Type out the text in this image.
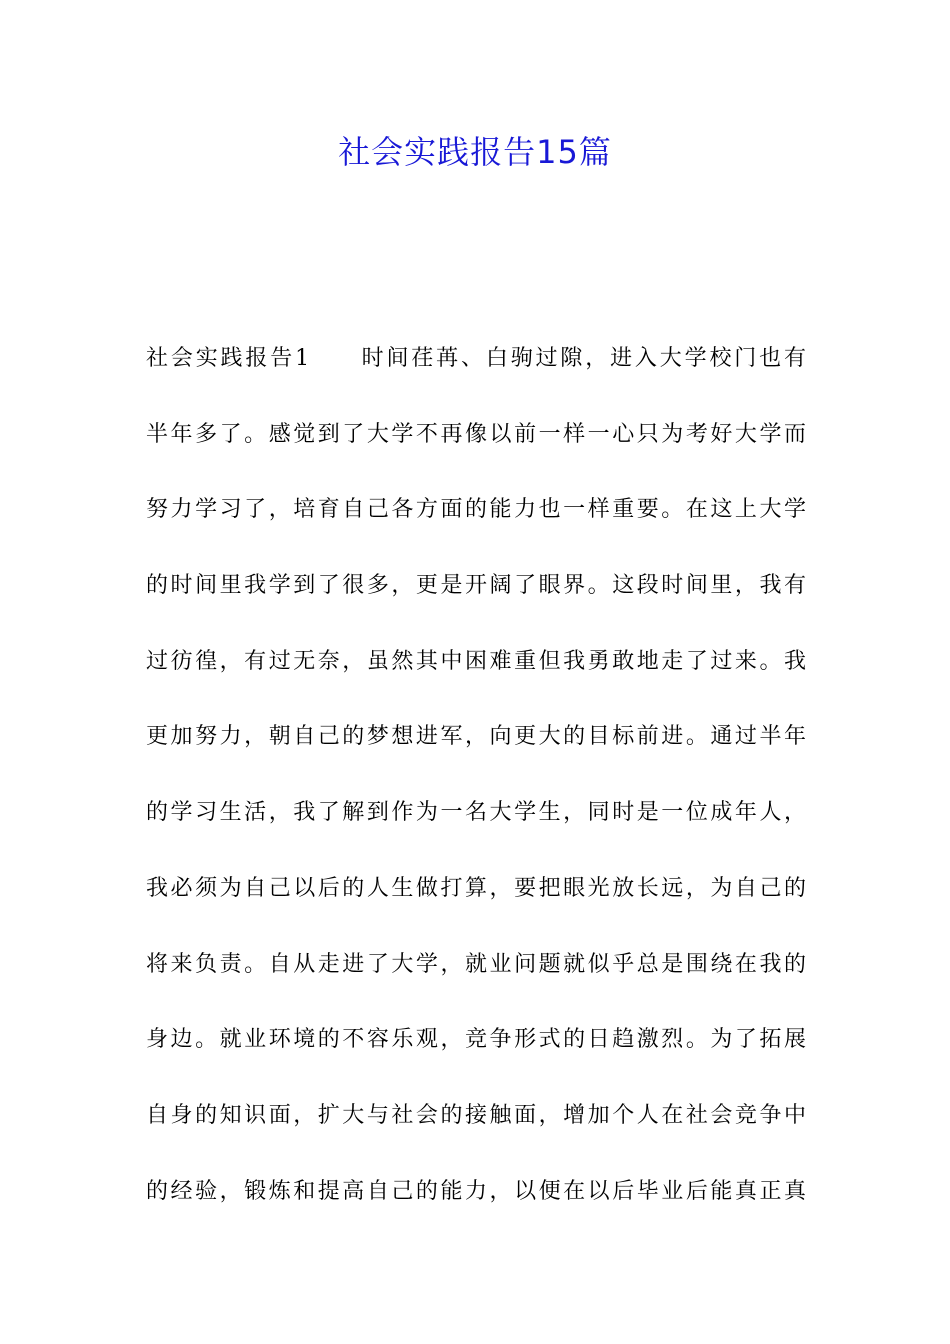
社会实践报告15篇
社会实践报告1　　时间荏苒、白驹过隙，进入大学校门也有
半年多了。感觉到了大学不再像以前一样一心只为考好大学而
努力学习了，培育自己各方面的能力也一样重要。在这上大学
的时间里我学到了很多，更是开阔了眼界。这段时间里，我有
过彷徨，有过无奈，虽然其中困难重但我勇敢地走了过来。我
更加努力，朝自己的梦想进军，向更大的目标前进。通过半年
的学习生活，我了解到作为一名大学生，同时是一位成年人，
我必须为自己以后的人生做打算，要把眼光放长远，为自己的
将来负责。自从走进了大学，就业问题就似乎总是围绕在我的
身边。就业环境的不容乐观，竞争形式的日趋激烈。为了拓展
自身的知识面，扩大与社会的接触面，增加个人在社会竞争中
的经验，锻炼和提高自己的能力，以便在以后毕业后能真正真
